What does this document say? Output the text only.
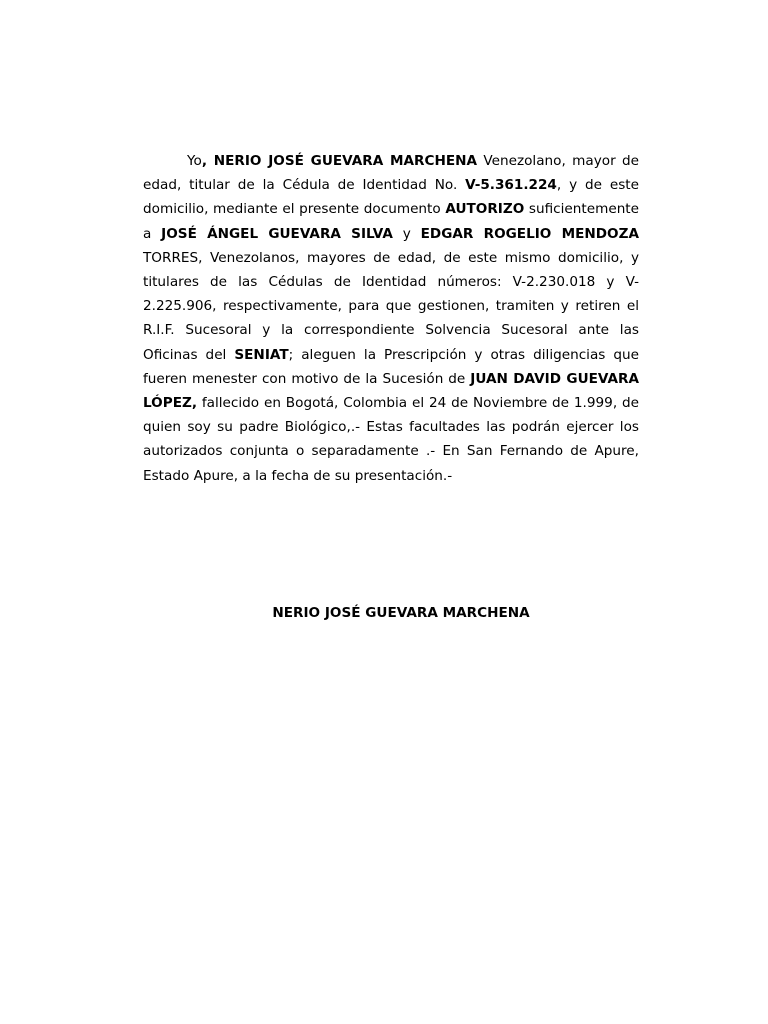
Yo, NERIO JOSÉ GUEVARA MARCHENA Venezolano, mayor de edad, titular de la Cédula de Identidad No. V-5.361.224, y de este domicilio, mediante el presente documento AUTORIZO suficientemente a JOSÉ ÁNGEL GUEVARA SILVA y EDGAR ROGELIO MENDOZA TORRES, Venezolanos, mayores de edad, de este mismo domicilio, y titulares de las Cédulas de Identidad números: V-2.230.018 y V-2.225.906, respectivamente, para que gestionen, tramiten y retiren el R.I.F. Sucesoral y la correspondiente Solvencia Sucesoral ante las Oficinas del SENIAT; aleguen la Prescripción y otras diligencias que fueren menester con motivo de la Sucesión de JUAN DAVID GUEVARA LÓPEZ, fallecido en Bogotá, Colombia el 24 de Noviembre de 1.999, de quien soy su padre Biológico,.- Estas facultades las podrán ejercer los autorizados conjunta o separadamente .- En San Fernando de Apure, Estado Apure, a la fecha de su presentación.-

NERIO JOSÉ GUEVARA MARCHENA
